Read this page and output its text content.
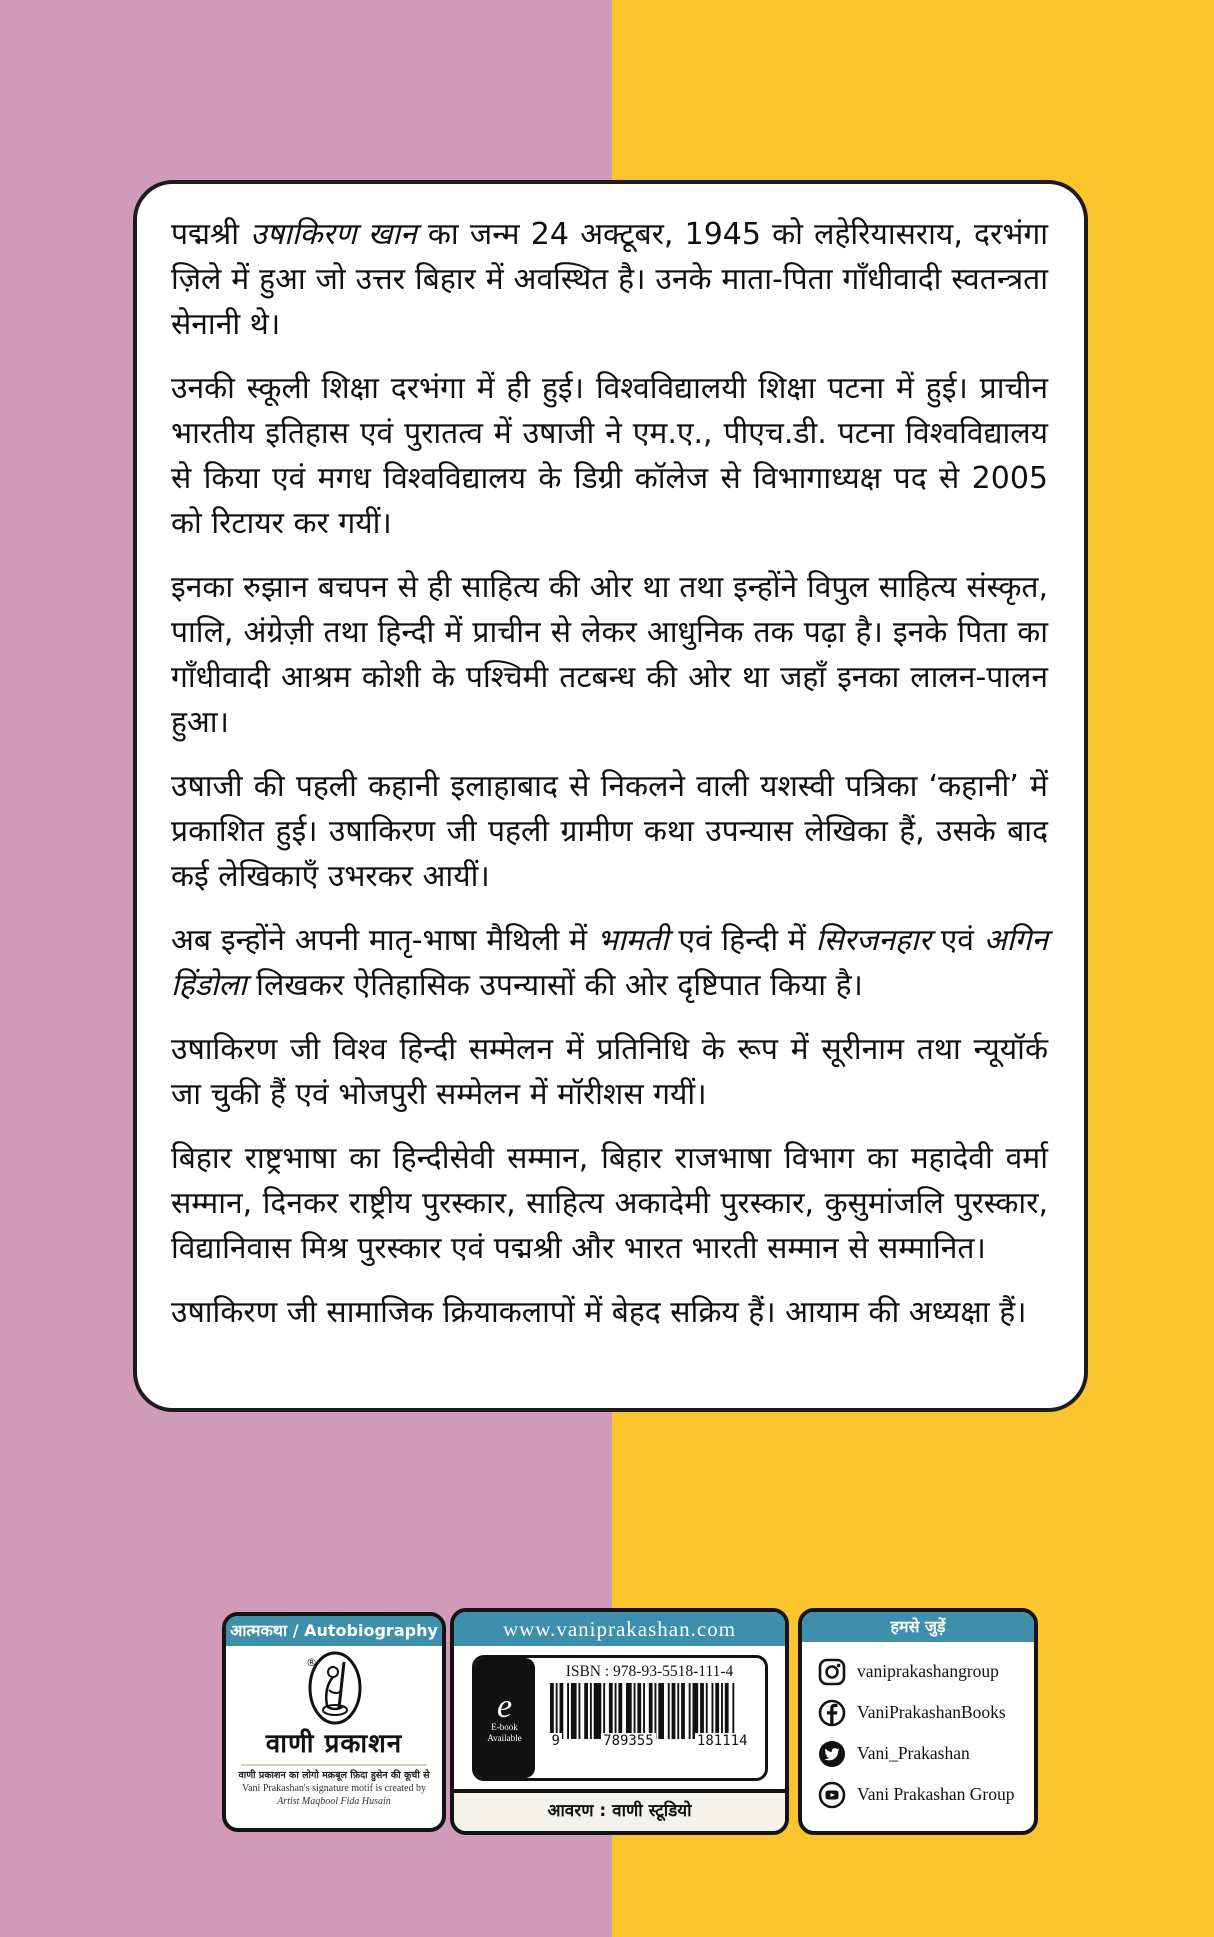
पद्मश्री उषाकिरण खान का जन्म 24 अक्टूबर, 1945 को लहेरियासराय, दरभंगा ज़िले में हुआ जो उत्तर बिहार में अवस्थित है। उनके माता-पिता गाँधीवादी स्वतन्त्रता सेनानी थे।

उनकी स्कूली शिक्षा दरभंगा में ही हुई। विश्वविद्यालयी शिक्षा पटना में हुई। प्राचीन भारतीय इतिहास एवं पुरातत्व में उषाजी ने एम.ए., पीएच.डी. पटना विश्वविद्यालय से किया एवं मगध विश्वविद्यालय के डिग्री कॉलेज से विभागाध्यक्ष पद से 2005 को रिटायर कर गयीं।

इनका रुझान बचपन से ही साहित्य की ओर था तथा इन्होंने विपुल साहित्य संस्कृत, पालि, अंग्रेज़ी तथा हिन्दी में प्राचीन से लेकर आधुनिक तक पढ़ा है। इनके पिता का गाँधीवादी आश्रम कोशी के पश्चिमी तटबन्ध की ओर था जहाँ इनका लालन-पालन हुआ।

उषाजी की पहली कहानी इलाहाबाद से निकलने वाली यशस्वी पत्रिका ‘कहानी’ में प्रकाशित हुई। उषाकिरण जी पहली ग्रामीण कथा उपन्यास लेखिका हैं, उसके बाद कई लेखिकाएँ उभरकर आयीं।

अब इन्होंने अपनी मातृ-भाषा मैथिली में भामती एवं हिन्दी में सिरजनहार एवं अगिन हिंडोला लिखकर ऐतिहासिक उपन्यासों की ओर दृष्टिपात किया है।

उषाकिरण जी विश्व हिन्दी सम्मेलन में प्रतिनिधि के रूप में सूरीनाम तथा न्यूयॉर्क जा चुकी हैं एवं भोजपुरी सम्मेलन में मॉरीशस गयीं।

बिहार राष्ट्रभाषा का हिन्दीसेवी सम्मान, बिहार राजभाषा विभाग का महादेवी वर्मा सम्मान, दिनकर राष्ट्रीय पुरस्कार, साहित्य अकादेमी पुरस्कार, कुसुमांजलि पुरस्कार, विद्यानिवास मिश्र पुरस्कार एवं पद्मश्री और भारत भारती सम्मान से सम्मानित।

उषाकिरण जी सामाजिक क्रियाकलापों में बेहद सक्रिय हैं। आयाम की अध्यक्षा हैं।

आत्मकथा / Autobiography
®
वाणी प्रकाशन
वाणी प्रकाशन का लोगो मक़बूल फ़िदा हुसेन की कूची से
Vani Prakashan's signature motif is created by
Artist Maqbool Fida Husain
www.vaniprakashan.com
e
E-book
Available
ISBN : 978-93-5518-111-4
9	789355	181114
आवरण : वाणी स्टूडियो
हमसे जुड़ें
vaniprakashangroup
VaniPrakashanBooks
Vani_Prakashan
Vani Prakashan Group
